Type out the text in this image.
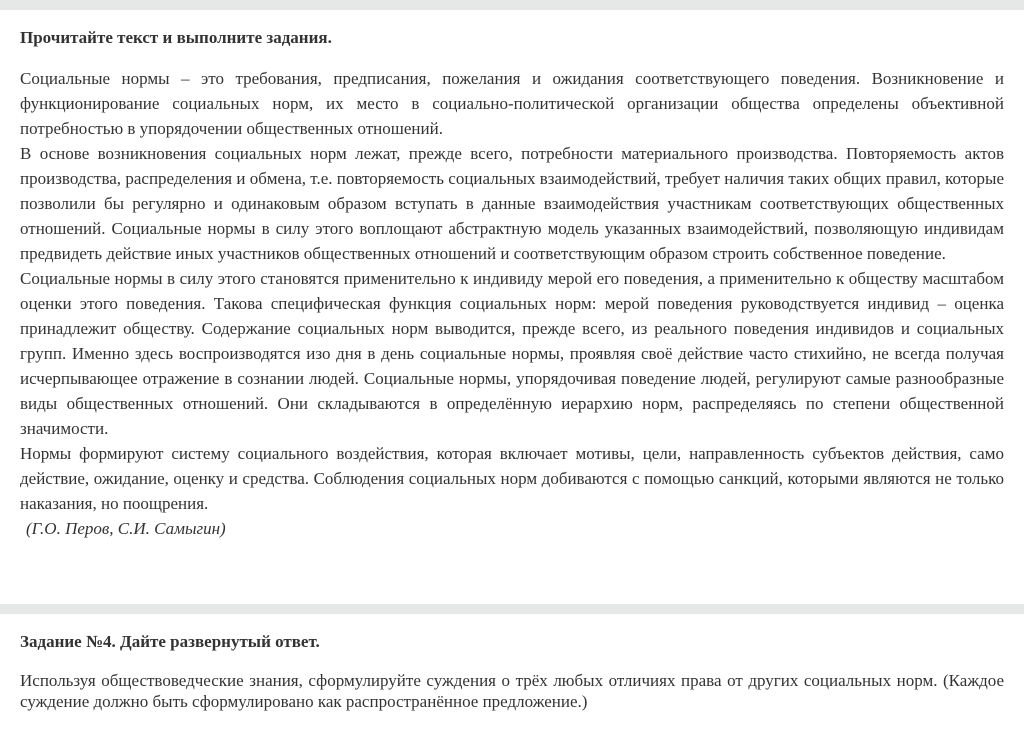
Прочитайте текст и выполните задания.

Социальные нормы – это требования, предписания, пожелания и ожидания соответствующего поведения. Возникновение и функционирование социальных норм, их место в социально-политической организации общества определены объективной потребностью в упорядочении общественных отношений.

В основе возникновения социальных норм лежат, прежде всего, потребности материального производства. Повторяемость актов производства, распределения и обмена, т.е. повторяемость социальных взаимодействий, требует наличия таких общих правил, которые позволили бы регулярно и одинаковым образом вступать в данные взаимодействия участникам соответствующих общественных отношений. Социальные нормы в силу этого воплощают абстрактную модель указанных взаимодействий, позволяющую индивидам предвидеть действие иных участников общественных отношений и соответствующим образом строить собственное поведение.

Социальные нормы в силу этого становятся применительно к индивиду мерой его поведения, а применительно к обществу масштабом оценки этого поведения. Такова специфическая функция социальных норм: мерой поведения руководствуется индивид – оценка принадлежит обществу. Содержание социальных норм выводится, прежде всего, из реального поведения индивидов и социальных групп. Именно здесь воспроизводятся изо дня в день социальные нормы, проявляя своё действие часто стихийно, не всегда получая исчерпывающее отражение в сознании людей. Социальные нормы, упорядочивая поведение людей, регулируют самые разнообразные виды общественных отношений. Они складываются в определённую иерархию норм, распределяясь по степени общественной значимости.

Нормы формируют систему социального воздействия, которая включает мотивы, цели, направленность субъектов действия, само действие, ожидание, оценку и средства. Соблюдения социальных норм добиваются с помощью санкций, которыми являются не только наказания, но поощрения.

(Г.О. Перов, С.И. Самыгин)

Задание №4. Дайте развернутый ответ.

Используя обществоведческие знания, сформулируйте суждения о трёх любых отличиях права от других социальных норм. (Каждое суждение должно быть сформулировано как распространённое предложение.)
